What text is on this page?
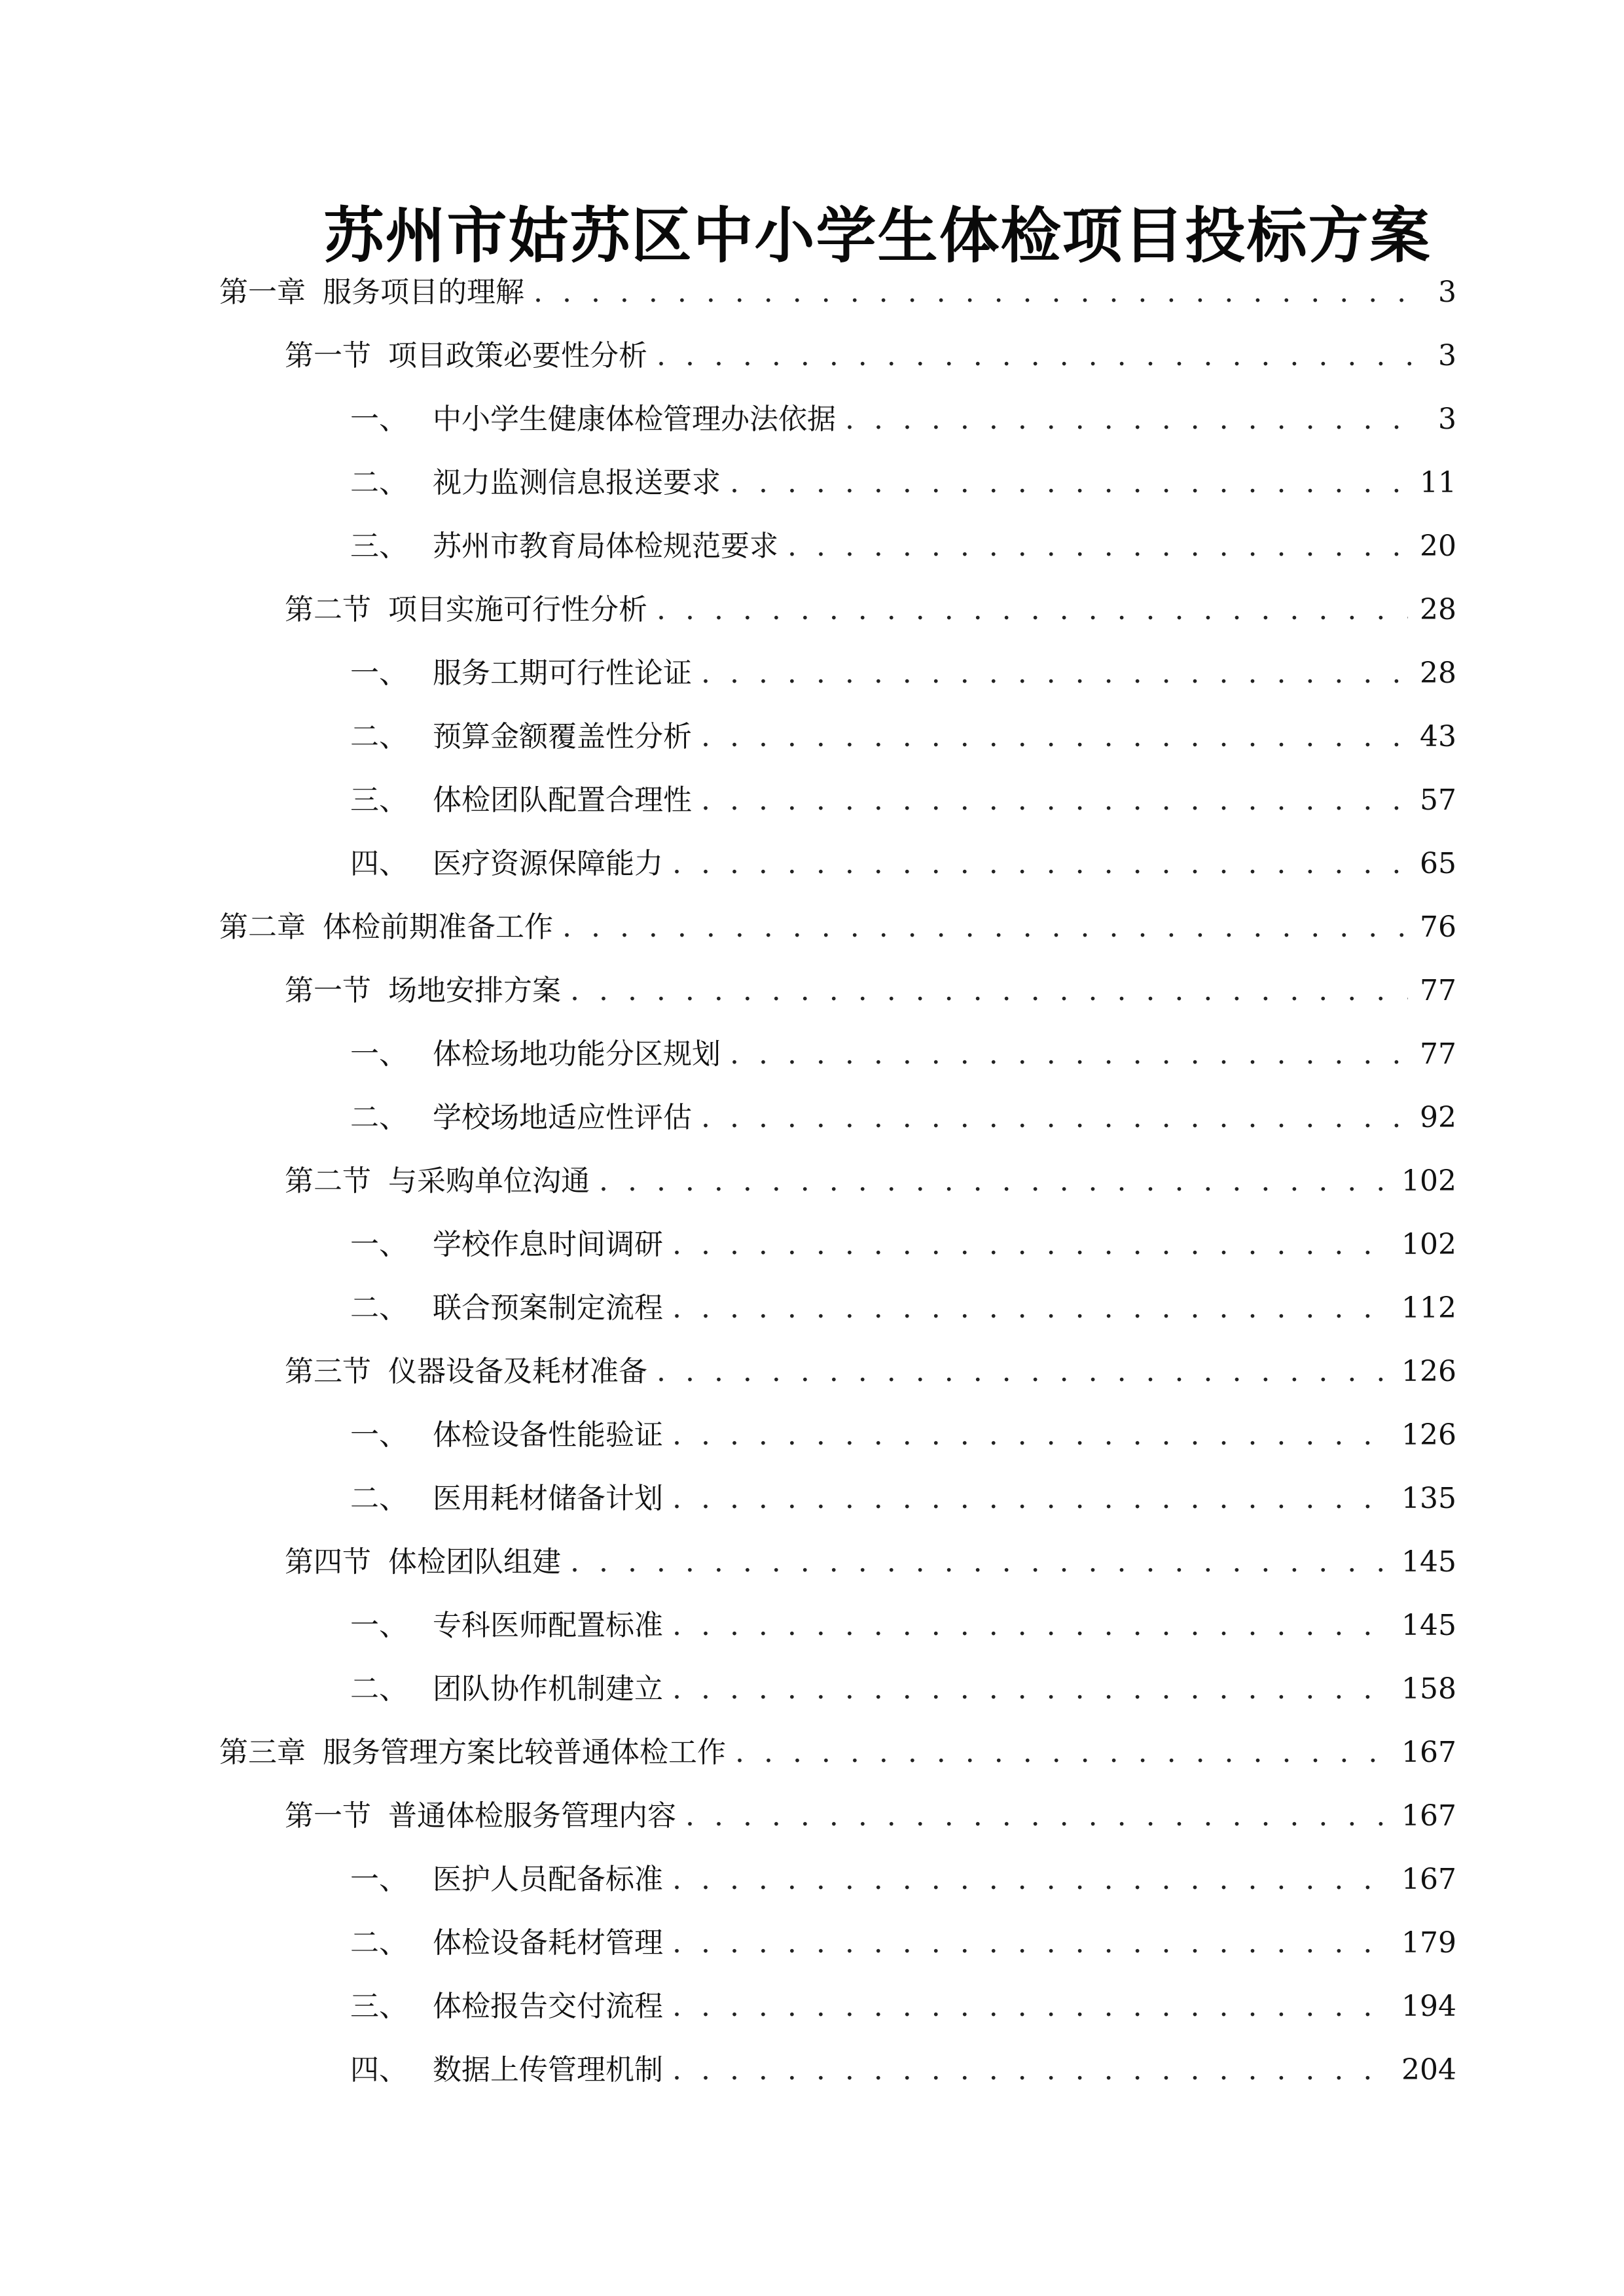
苏州市姑苏区中小学生体检项目投标方案
第一章 服务项目的理解 . . .	3
第一节 项目政策必要性分析 . . .	3
一、 中小学生健康体检管理办法依据 . . .	3
二、 视力监测信息报送要求 . . .	11
三、 苏州市教育局体检规范要求 . . .	20
第二节 项目实施可行性分析 . . .	28
一、 服务工期可行性论证 . . .	28
二、 预算金额覆盖性分析 . . .	43
三、 体检团队配置合理性 . . .	57
四、 医疗资源保障能力 . . .	65
第二章 体检前期准备工作 . . .	76
第一节 场地安排方案 . . .	77
一、 体检场地功能分区规划 . . .	77
二、 学校场地适应性评估 . . .	92
第二节 与采购单位沟通 . . .	102
一、 学校作息时间调研 . . .	102
二、 联合预案制定流程 . . .	112
第三节 仪器设备及耗材准备 . . .	126
一、 体检设备性能验证 . . .	126
二、 医用耗材储备计划 . . .	135
第四节 体检团队组建 . . .	145
一、 专科医师配置标准 . . .	145
二、 团队协作机制建立 . . .	158
第三章 服务管理方案比较普通体检工作 . . .	167
第一节 普通体检服务管理内容 . . .	167
一、 医护人员配备标准 . . .	167
二、 体检设备耗材管理 . . .	179
三、 体检报告交付流程 . . .	194
四、 数据上传管理机制 . . .	204
